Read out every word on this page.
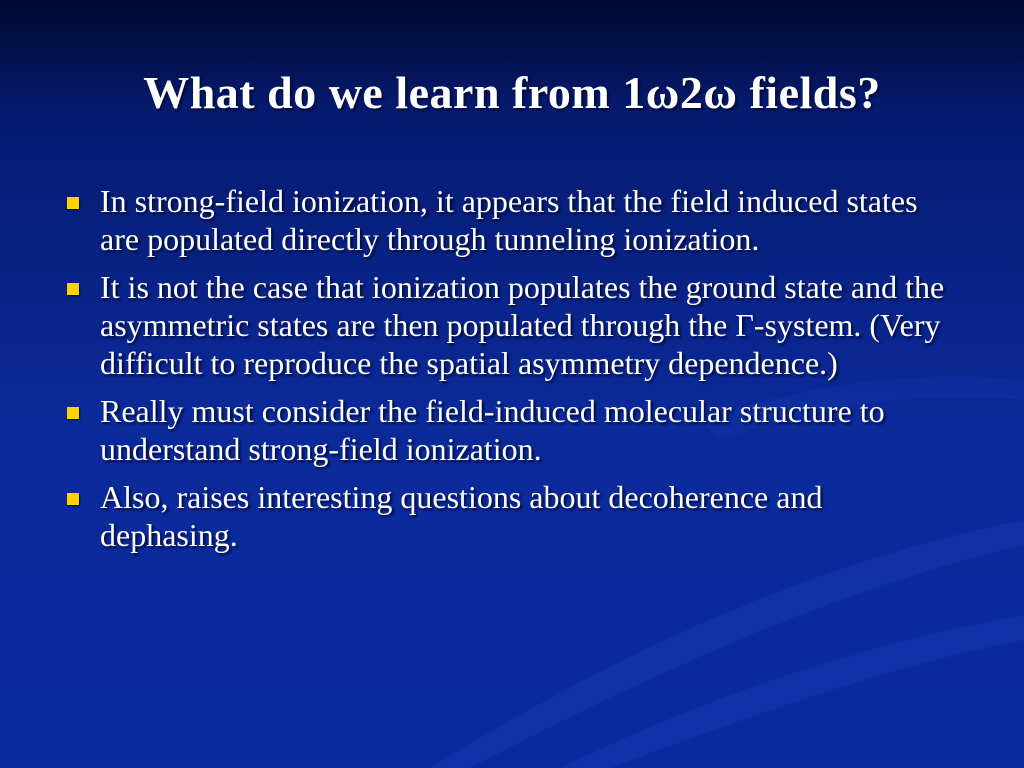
What do we learn from 1ω2ω fields?
In strong-field ionization, it appears that the field induced states are populated directly through tunneling ionization.
It is not the case that ionization populates the ground state and the asymmetric states are then populated through the Γ-system. (Very difficult to reproduce the spatial asymmetry dependence.)
Really must consider the field-induced molecular structure to understand strong-field ionization.
Also, raises interesting questions about decoherence and dephasing.
